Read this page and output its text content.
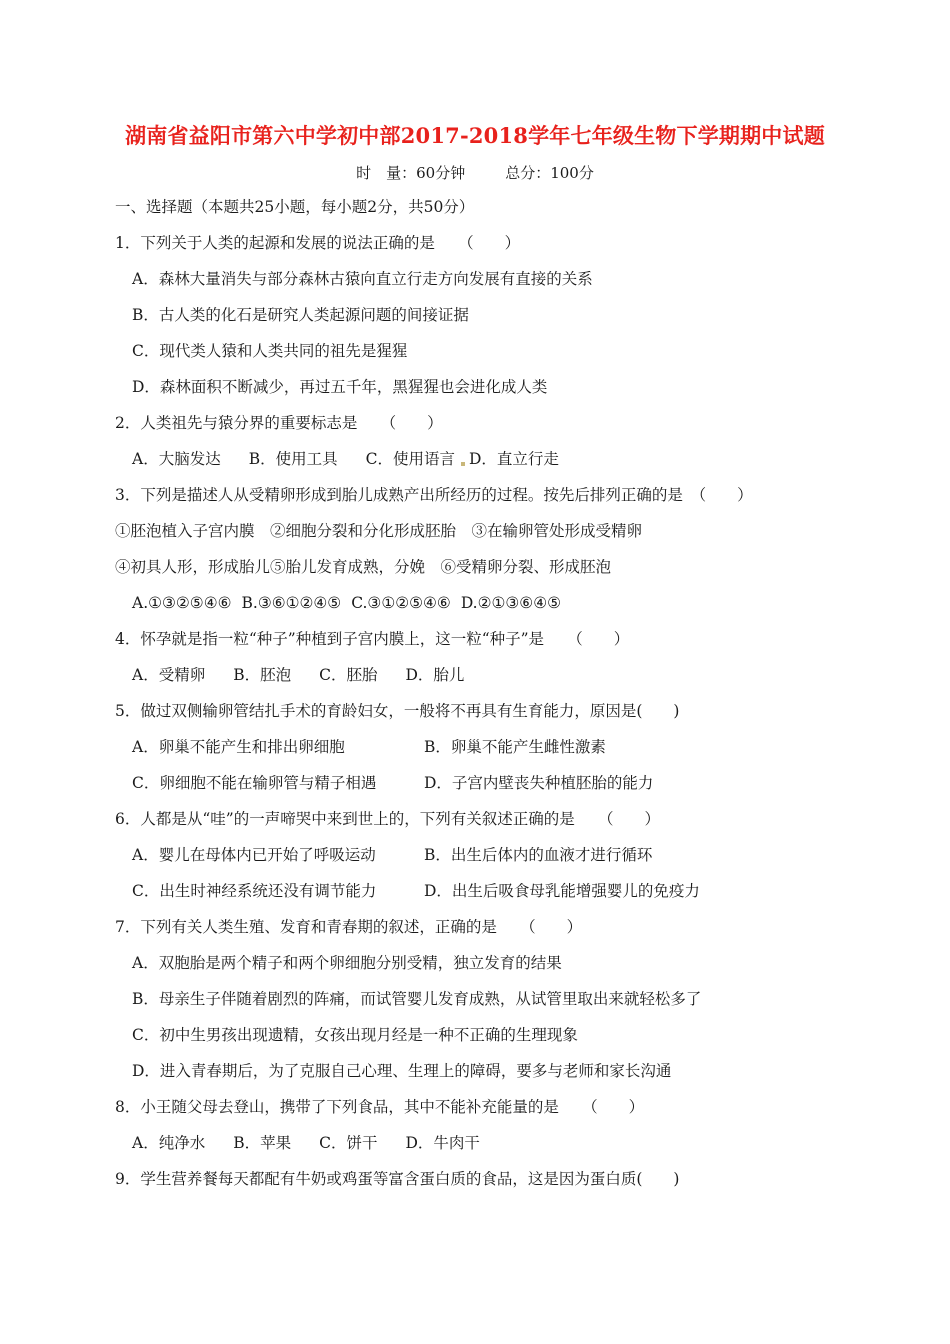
湖南省益阳市第六中学初中部2017-2018学年七年级生物下学期期中试题
时　量：60分钟	总分：100分
一、选择题（本题共25小题，每小题2分，共50分）
1．下列关于人类的起源和发展的说法正确的是　　（　　）
A．森林大量消失与部分森林古猿向直立行走方向发展有直接的关系
B．古人类的化石是研究人类起源问题的间接证据
C．现代类人猿和人类共同的祖先是猩猩
D．森林面积不断减少，再过五千年，黑猩猩也会进化成人类
2．人类祖先与猿分界的重要标志是　　（　　）
A．大脑发达 B．使用工具 C．使用语言 D．直立行走
3．下列是描述人从受精卵形成到胎儿成熟产出所经历的过程。按先后排列正确的是　（　　）
①胚泡植入子宫内膜　②细胞分裂和分化形成胚胎　③在输卵管处形成受精卵
④初具人形，形成胎儿⑤胎儿发育成熟，分娩　⑥受精卵分裂、形成胚泡
A.①③②⑤④⑥ B.③⑥①②④⑤ C.③①②⑤④⑥ D.②①③⑥④⑤
4．怀孕就是指一粒“种子”种植到子宫内膜上，这一粒“种子”是　　（　　）
A．受精卵 B．胚泡 C．胚胎 D．胎儿
5．做过双侧输卵管结扎手术的育龄妇女，一般将不再具有生育能力，原因是(　　)
A．卵巢不能产生和排出卵细胞	B．卵巢不能产生雌性激素
C．卵细胞不能在输卵管与精子相遇	D．子宫内壁丧失种植胚胎的能力
6．人都是从“哇”的一声啼哭中来到世上的，下列有关叙述正确的是　　（　　）
A．婴儿在母体内已开始了呼吸运动	B．出生后体内的血液才进行循环
C．出生时神经系统还没有调节能力	D．出生后吸食母乳能增强婴儿的免疫力
7．下列有关人类生殖、发育和青春期的叙述，正确的是　　（　　）
A．双胞胎是两个精子和两个卵细胞分别受精，独立发育的结果
B．母亲生子伴随着剧烈的阵痛，而试管婴儿发育成熟，从试管里取出来就轻松多了
C．初中生男孩出现遗精，女孩出现月经是一种不正确的生理现象
D．进入青春期后，为了克服自己心理、生理上的障碍，要多与老师和家长沟通
8．小王随父母去登山，携带了下列食品，其中不能补充能量的是　　（　　）
A．纯净水 B．苹果 C．饼干 D．牛肉干
9．学生营养餐每天都配有牛奶或鸡蛋等富含蛋白质的食品，这是因为蛋白质(　　)
